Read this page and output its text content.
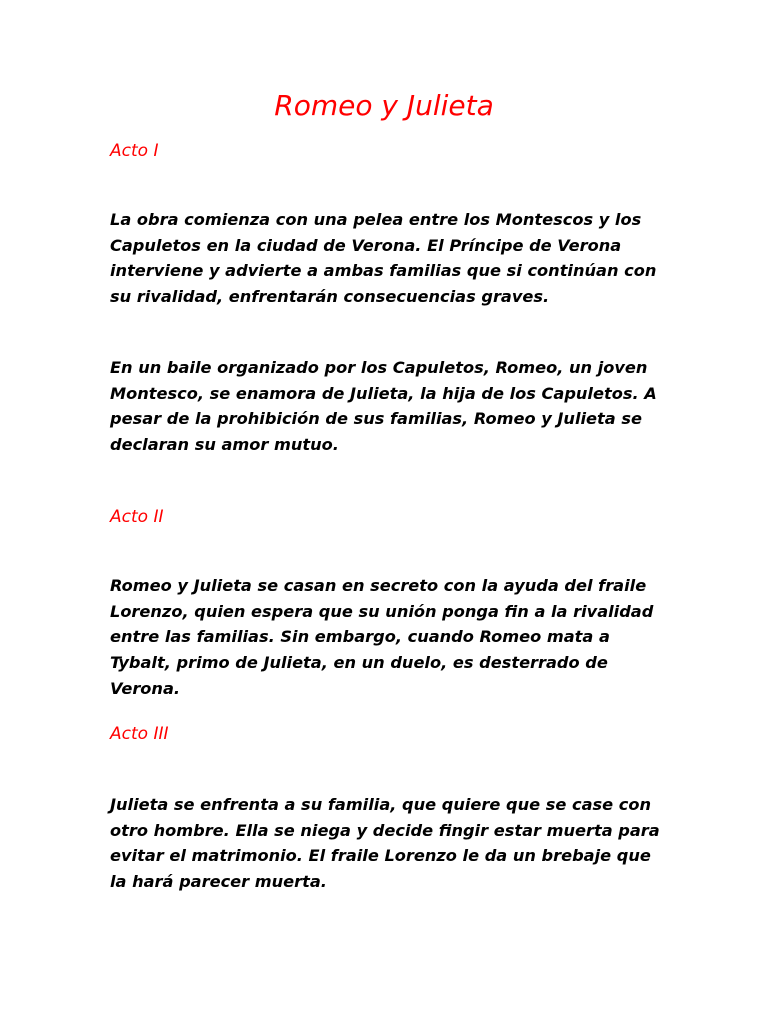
Romeo y Julieta
Acto I

La obra comienza con una pelea entre los Montescos y los Capuletos en la ciudad de Verona. El Príncipe de Verona interviene y advierte a ambas familias que si continúan con su rivalidad, enfrentarán consecuencias graves.

En un baile organizado por los Capuletos, Romeo, un joven Montesco, se enamora de Julieta, la hija de los Capuletos. A pesar de la prohibición de sus familias, Romeo y Julieta se declaran su amor mutuo.

Acto II

Romeo y Julieta se casan en secreto con la ayuda del fraile Lorenzo, quien espera que su unión ponga fin a la rivalidad entre las familias. Sin embargo, cuando Romeo mata a Tybalt, primo de Julieta, en un duelo, es desterrado de Verona.

Acto III

Julieta se enfrenta a su familia, que quiere que se case con otro hombre. Ella se niega y decide fingir estar muerta para evitar el matrimonio. El fraile Lorenzo le da un brebaje que la hará parecer muerta.
